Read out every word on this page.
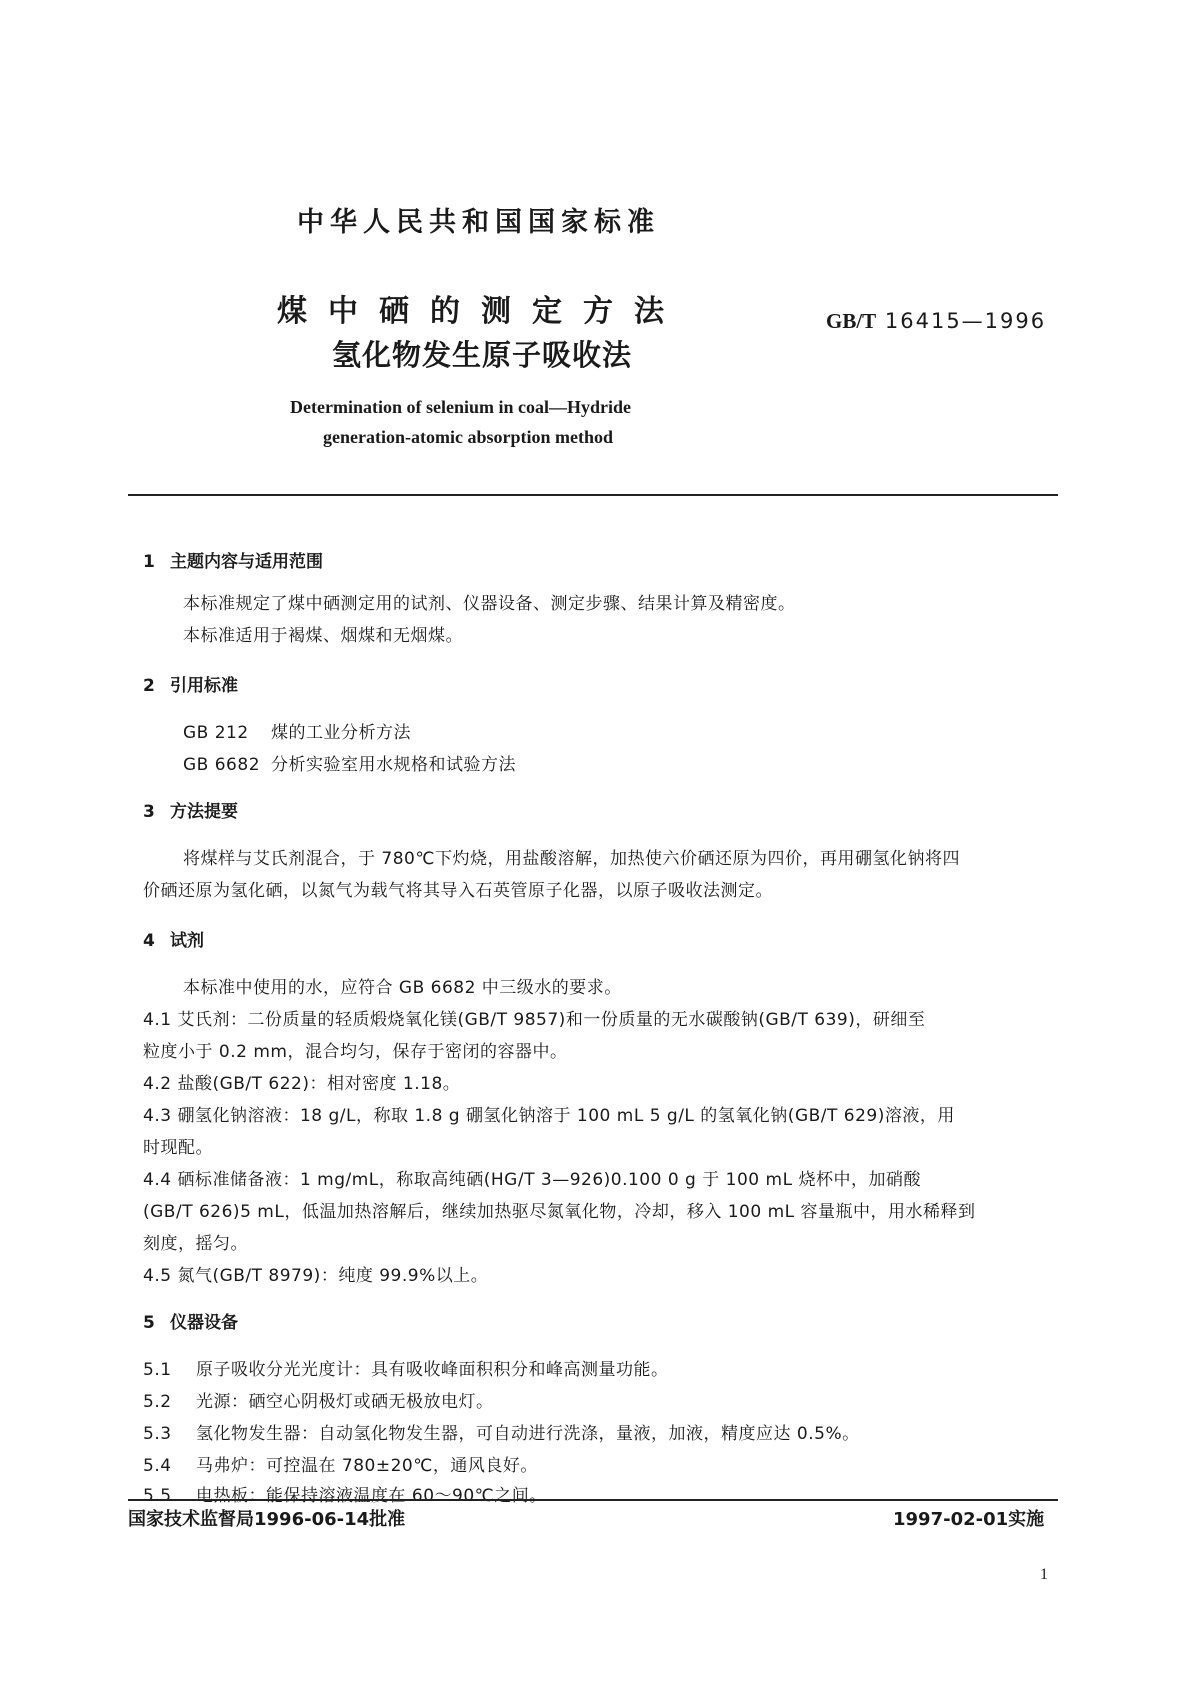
中华人民共和国国家标准
煤中硒的测定方法
氢化物发生原子吸收法
GB/T 16415—1996
Determination of selenium in coal—Hydride
generation-atomic absorption method
1 主题内容与适用范围
本标准规定了煤中硒测定用的试剂、仪器设备、测定步骤、结果计算及精密度。
本标准适用于褐煤、烟煤和无烟煤。
2 引用标准
GB 212 煤的工业分析方法
GB 6682 分析实验室用水规格和试验方法
3 方法提要
将煤样与艾氏剂混合，于 780℃下灼烧，用盐酸溶解，加热使六价硒还原为四价，再用硼氢化钠将四
价硒还原为氢化硒，以氮气为载气将其导入石英管原子化器，以原子吸收法测定。
4 试剂
本标准中使用的水，应符合 GB 6682 中三级水的要求。
4.1 艾氏剂：二份质量的轻质煅烧氧化镁(GB/T 9857)和一份质量的无水碳酸钠(GB/T 639)，研细至
粒度小于 0.2 mm，混合均匀，保存于密闭的容器中。
4.2 盐酸(GB/T 622)：相对密度 1.18。
4.3 硼氢化钠溶液：18 g/L，称取 1.8 g 硼氢化钠溶于 100 mL 5 g/L 的氢氧化钠(GB/T 629)溶液，用
时现配。
4.4 硒标准储备液：1 mg/mL，称取高纯硒(HG/T 3—926)0.100 0 g 于 100 mL 烧杯中，加硝酸
(GB/T 626)5 mL，低温加热溶解后，继续加热驱尽氮氧化物，冷却，移入 100 mL 容量瓶中，用水稀释到
刻度，摇匀。
4.5 氮气(GB/T 8979)：纯度 99.9%以上。
5 仪器设备
5.1 原子吸收分光光度计：具有吸收峰面积积分和峰高测量功能。
5.2 光源：硒空心阴极灯或硒无极放电灯。
5.3 氢化物发生器：自动氢化物发生器，可自动进行洗涤，量液，加液，精度应达 0.5%。
5.4 马弗炉：可控温在 780±20℃，通风良好。
5.5 电热板：能保持溶液温度在 60～90℃之间。
国家技术监督局1996-06-14批准	1997-02-01实施
1
